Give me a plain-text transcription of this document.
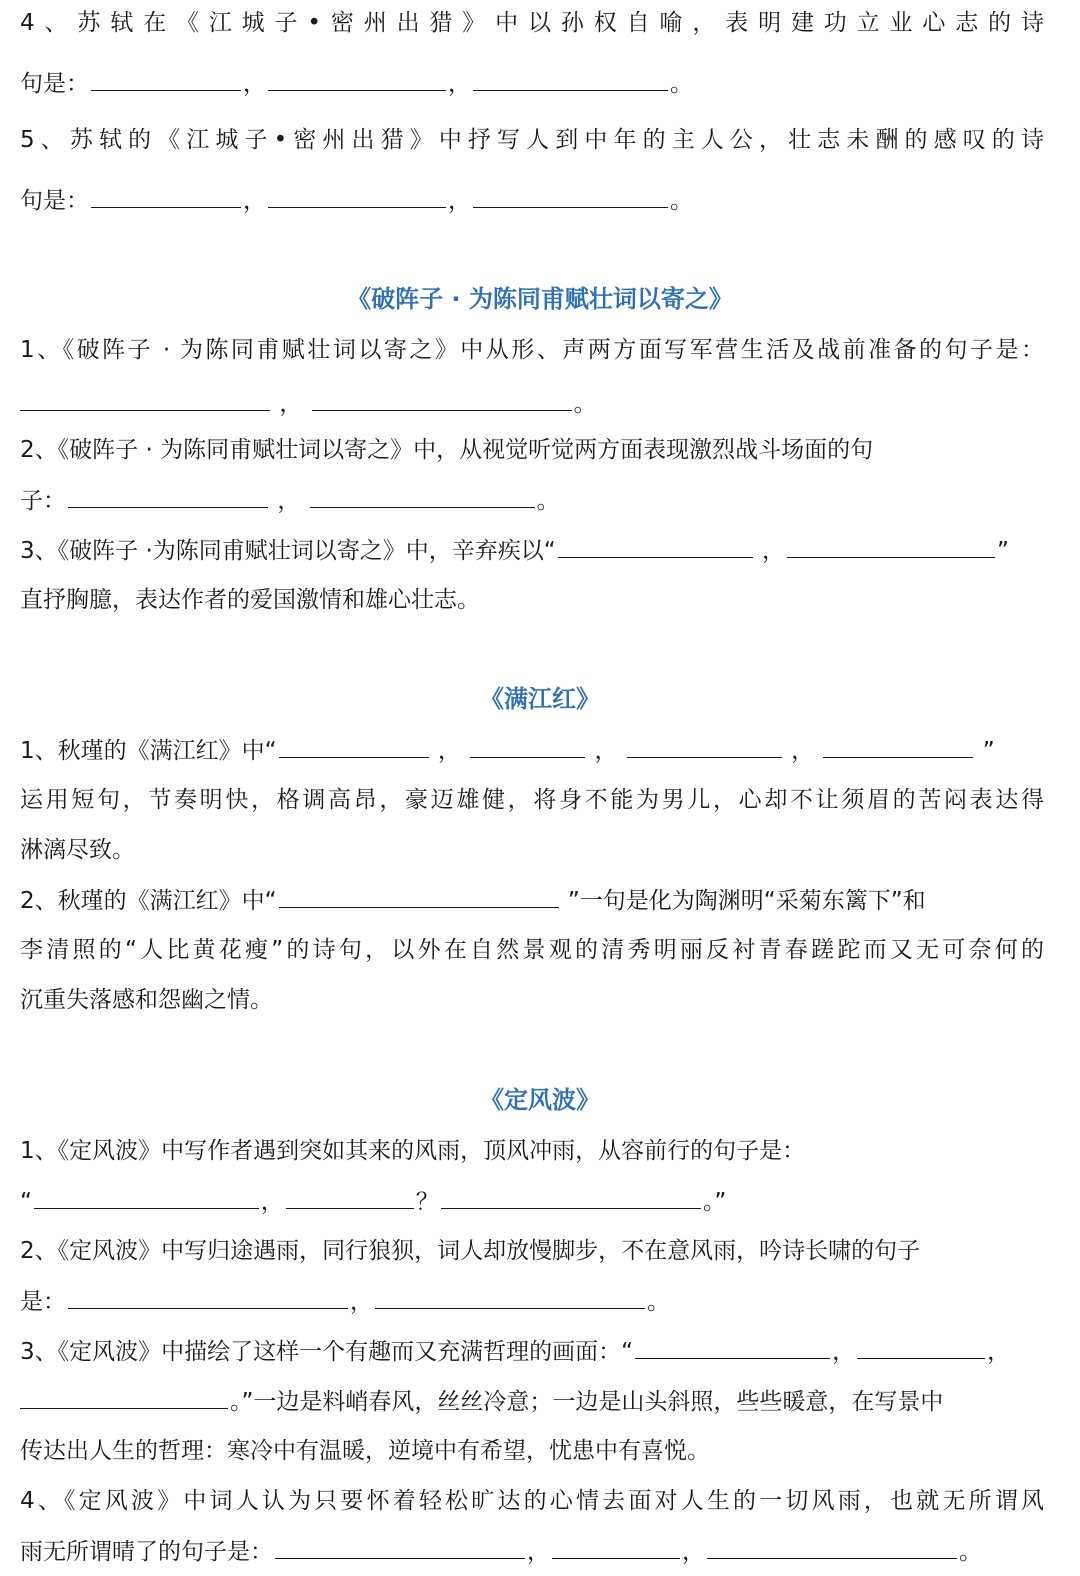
4、苏轼在《江城子•密州出猎》中以孙权自喻，表明建功立业心志的诗
句是：	，	，	。
5、苏轼的《江城子•密州出猎》中抒写人到中年的主人公，壮志未酬的感叹的诗
句是：	，	，	。
《破阵子 · 为陈同甫赋壮词以寄之》
1、《破阵子 · 为陈同甫赋壮词以寄之》中从形、声两方面写军营生活及战前准备的句子是：
，	。
2、《破阵子 · 为陈同甫赋壮词以寄之》中，从视觉听觉两方面表现激烈战斗场面的句
子：	，	。
3、《破阵子 ·为陈同甫赋壮词以寄之》中，辛弃疾以“	，	”
直抒胸臆，表达作者的爱国激情和雄心壮志。
《满江红》
1、秋瑾的《满江红》中“	，	，	，	”
运用短句，节奏明快，格调高昂，豪迈雄健，将身不能为男儿，心却不让须眉的苦闷表达得
淋漓尽致。
2、秋瑾的《满江红》中“	”一句是化为陶渊明“采菊东篱下”和
李清照的“人比黄花瘦”的诗句，以外在自然景观的清秀明丽反衬青春蹉跎而又无可奈何的
沉重失落感和怨幽之情。
《定风波》
1、《定风波》中写作者遇到突如其来的风雨，顶风冲雨，从容前行的句子是：
“	，	？	。”
2、《定风波》中写归途遇雨，同行狼狈，词人却放慢脚步，不在意风雨，吟诗长啸的句子
是：	，	。
3、《定风波》中描绘了这样一个有趣而又充满哲理的画面：“	，	，
。”一边是料峭春风，丝丝冷意；一边是山头斜照，些些暖意，在写景中
传达出人生的哲理：寒冷中有温暖，逆境中有希望，忧患中有喜悦。
4、《定风波》中词人认为只要怀着轻松旷达的心情去面对人生的一切风雨，也就无所谓风
雨无所谓晴了的句子是：	，	，	。
